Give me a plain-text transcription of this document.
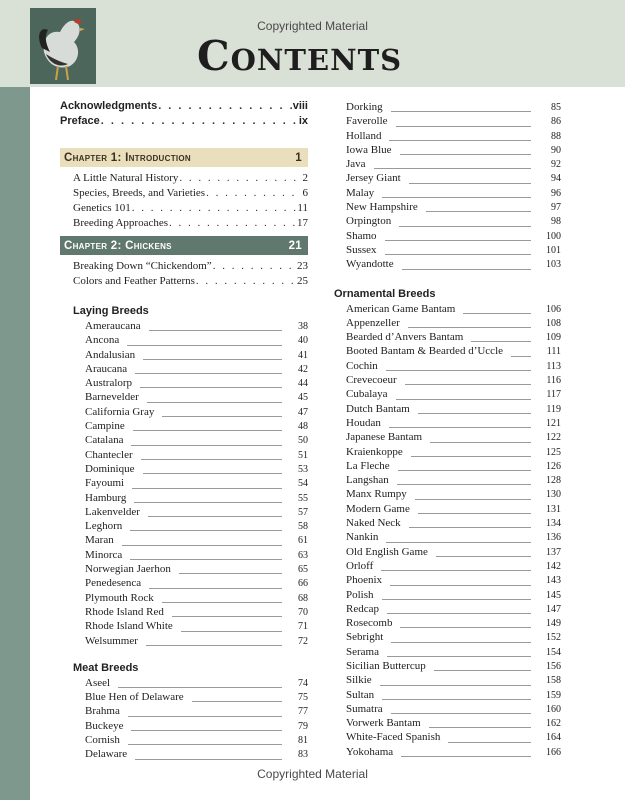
Copyrighted Material
Contents
Acknowledgments . . .	viii
Preface . . .	ix
Chapter 1: Introduction	1
A Little Natural History . . .	2
Species, Breeds, and Varieties . . .	6
Genetics 101 . . .	11
Breeding Approaches . . .	17
Chapter 2: Chickens	21
Breaking Down “Chickendom” . . .	23
Colors and Feather Patterns . . .	25
Laying Breeds
Ameraucana	38
Ancona	40
Andalusian	41
Araucana	42
Australorp	44
Barnevelder	45
California Gray	47
Campine	48
Catalana	50
Chantecler	51
Dominique	53
Fayoumi	54
Hamburg	55
Lakenvelder	57
Leghorn	58
Maran	61
Minorca	63
Norwegian Jaerhon	65
Penedesenca	66
Plymouth Rock	68
Rhode Island Red	70
Rhode Island White	71
Welsummer	72
Meat Breeds
Aseel	74
Blue Hen of Delaware	75
Brahma	77
Buckeye	79
Cornish	81
Delaware	83
Dorking	85
Faverolle	86
Holland	88
Iowa Blue	90
Java	92
Jersey Giant	94
Malay	96
New Hampshire	97
Orpington	98
Shamo	100
Sussex	101
Wyandotte	103
Ornamental Breeds
American Game Bantam	106
Appenzeller	108
Bearded d’Anvers Bantam	109
Booted Bantam & Bearded d’Uccle	111
Cochin	113
Crevecoeur	116
Cubalaya	117
Dutch Bantam	119
Houdan	121
Japanese Bantam	122
Kraienkoppe	125
La Fleche	126
Langshan	128
Manx Rumpy	130
Modern Game	131
Naked Neck	134
Nankin	136
Old English Game	137
Orloff	142
Phoenix	143
Polish	145
Redcap	147
Rosecomb	149
Sebright	152
Serama	154
Sicilian Buttercup	156
Silkie	158
Sultan	159
Sumatra	160
Vorwerk Bantam	162
White-Faced Spanish	164
Yokohama	166
Copyrighted Material
